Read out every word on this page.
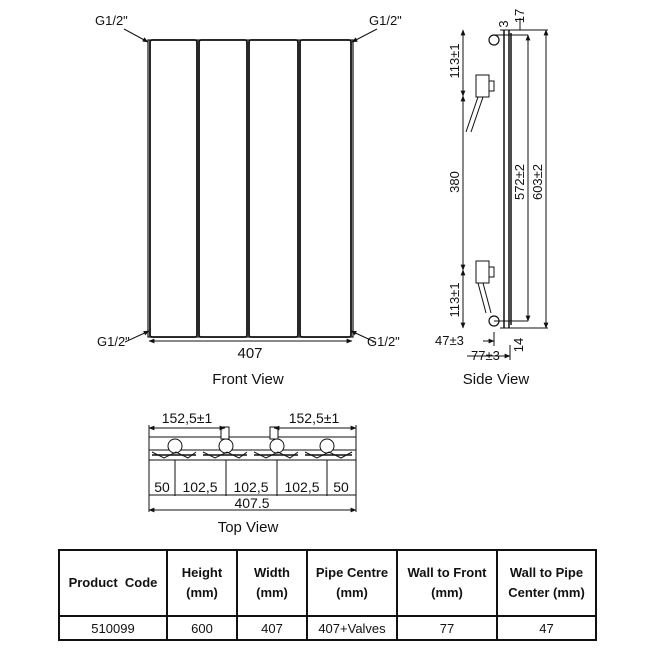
G1/2"	G1/2"
G1/2"	G1/2"
407
Front View
3
17
113±1
380
113±1
572±2 603±2
47±3
77±3
14
Side View
152,5±1	152,5±1
50 102,5 102,5 102,5 50
407.5
Top View
Product  Code	Height (mm)	Width (mm)	Pipe Centre (mm)	Wall to Front (mm)	Wall to Pipe Center (mm)
510099	600	407	407+Valves	77	47
